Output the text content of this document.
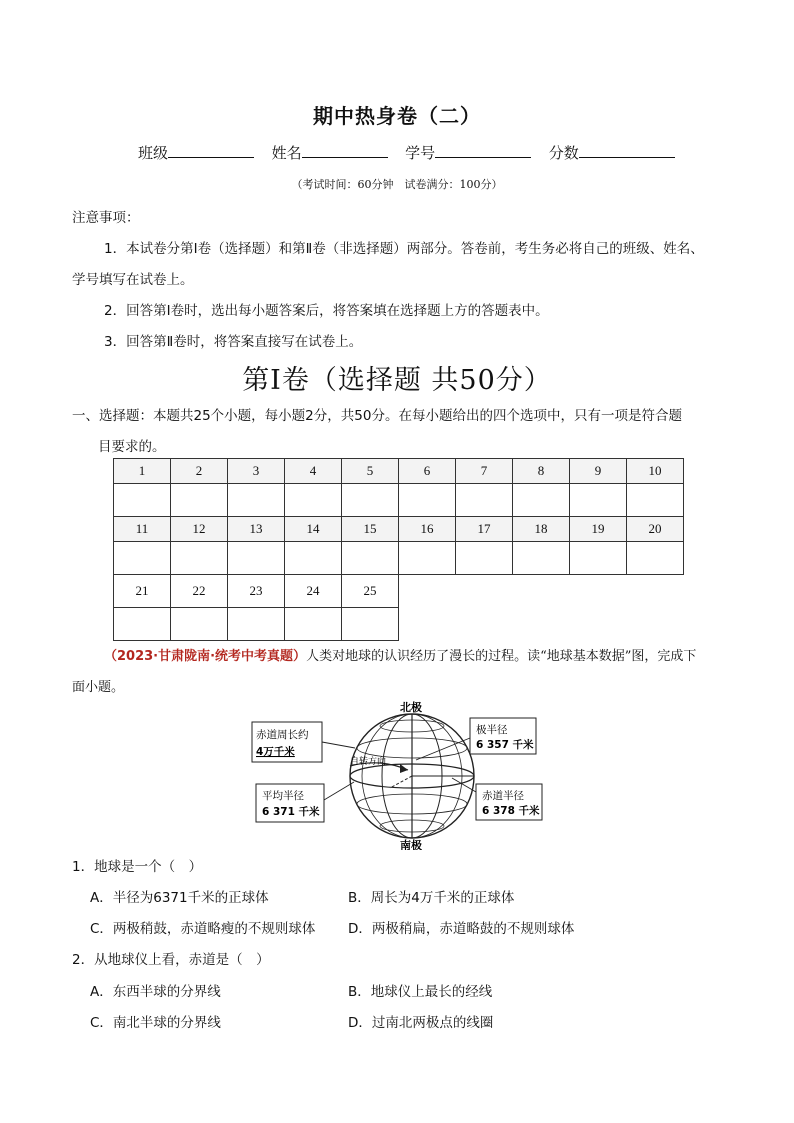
期中热身卷（二）
班级	姓名	学号	分数
（考试时间：60分钟　试卷满分：100分）
注意事项：
1．本试卷分第Ⅰ卷（选择题）和第Ⅱ卷（非选择题）两部分。答卷前，考生务必将自己的班级、姓名、
学号填写在试卷上。
2．回答第Ⅰ卷时，选出每小题答案后，将答案填在选择题上方的答题表中。
3．回答第Ⅱ卷时，将答案直接写在试卷上。
第Ⅰ卷（选择题 共50分）
一、选择题：本题共25个小题，每小题2分，共50分。在每小题给出的四个选项中，只有一项是符合题
目要求的。
1	2	3	4	5	6	7	8	9	10

11	12	13	14	15	16	17	18	19	20

21	22	23	24	25					

（2023·甘肃陇南·统考中考真题）人类对地球的认识经历了漫长的过程。读“地球基本数据”图，完成下
面小题。
自转方向
北极
南极
赤道周长约
4万千米
平均半径
6 371 千米
极半径
6 357 千米
赤道半径
6 378 千米
1．地球是一个（　）
A．半径为6371千米的正球体	B．周长为4万千米的正球体
C．两极稍鼓，赤道略瘦的不规则球体 D．两极稍扁，赤道略鼓的不规则球体
2．从地球仪上看，赤道是（　）
A．东西半球的分界线	B．地球仪上最长的经线
C．南北半球的分界线	D．过南北两极点的线圈
